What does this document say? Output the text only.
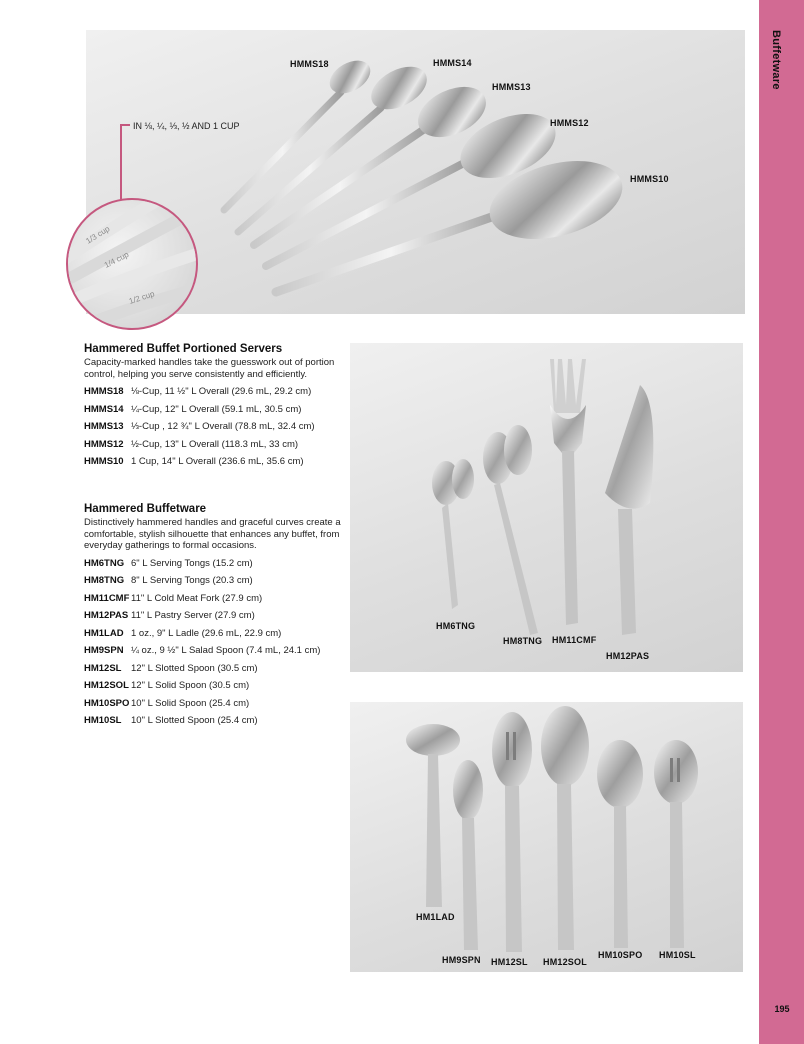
Buffetware
195
HMMS18	HMMS14
HMMS13
HMMS12
HMMS10
IN ⅛, ¼, ⅓, ½ AND 1 CUP
1/3 cup
1/4 cup
1/2 cup
Hammered Buffet Portioned Servers
Capacity-marked handles take the guesswork out of portion control, helping you serve consistently and efficiently.
HMMS18 ⅛-Cup, 11 ½" L Overall (29.6 mL, 29.2 cm)
HMMS14 ¼-Cup, 12" L Overall (59.1 mL, 30.5 cm)
HMMS13 ⅓-Cup , 12 ¾" L Overall (78.8 mL, 32.4 cm)
HMMS12 ½-Cup, 13" L Overall (118.3 mL, 33 cm)
HMMS10 1 Cup, 14" L Overall (236.6 mL, 35.6 cm)
Hammered Buffetware
Distinctively hammered handles and graceful curves create a comfortable, stylish silhouette that enhances any buffet, from everyday gatherings to formal occasions.
HM6TNG 6" L Serving Tongs (15.2 cm)
HM8TNG 8" L Serving Tongs (20.3 cm)
HM11CMF 11" L Cold Meat Fork (27.9 cm)
HM12PAS 11" L Pastry Server (27.9 cm)
HM1LAD 1 oz., 9" L Ladle (29.6 mL, 22.9 cm)
HM9SPN ¼ oz., 9 ½" L Salad Spoon (7.4 mL, 24.1 cm)
HM12SL	12" L Slotted Spoon (30.5 cm)
HM12SOL 12" L Solid Spoon (30.5 cm)
HM10SPO 10" L Solid Spoon (25.4 cm)
HM10SL	10" L Slotted Spoon (25.4 cm)
HM6TNG
HM8TNG HM11CMF
HM12PAS
HM1LAD
HM9SPN HM12SL HM12SOL
HM10SPO HM10SL
